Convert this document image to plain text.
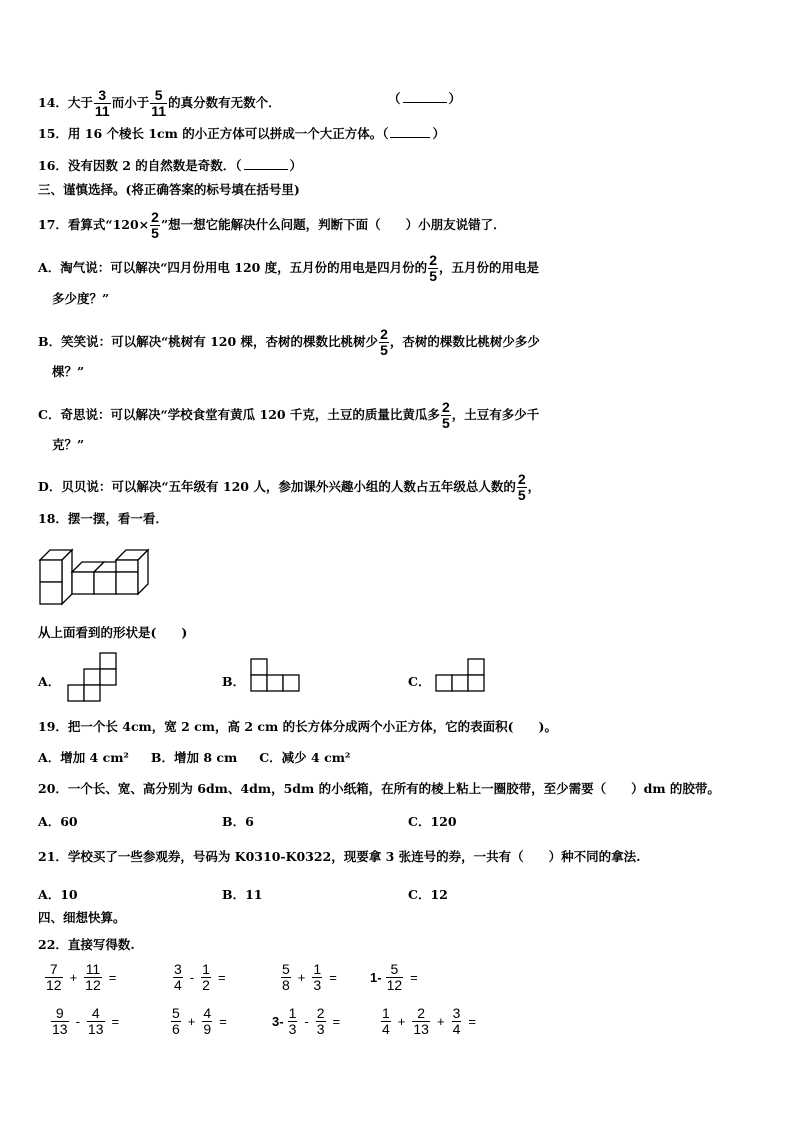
14．大于 $\frac{3}{11}$ 而小于 $\frac{5}{11}$ 的真分数有无数个．	（	）
15．用 16 个棱长 1cm 的小正方体可以拼成一个大正方体。（	）
16．没有因数 2 的自然数是奇数．（	）
三、谨慎选择。(将正确答案的标号填在括号里)
17．看算式“$120\times \frac{2}{5}$ ”想一想它能解决什么问题，判断下面（　　）小朋友说错了．
A．淘气说：可以解决“四月份用电 120 度，五月份的用电是四月份的 $\frac{2}{5}$ ，五月份的用电是
多少度？”
B．笑笑说：可以解决“桃树有 120 棵，杏树的棵数比桃树少 $\frac{2}{5}$ ，杏树的棵数比桃树少多少
棵？”
C．奇思说：可以解决“学校食堂有黄瓜 120 千克，土豆的质量比黄瓜多 $\frac{2}{5}$ ，土豆有多少千
克？”
D．贝贝说：可以解决“五年级有 120 人，参加课外兴趣小组的人数占五年级总人数的 $\frac{2}{5}$ ，
18．摆一摆，看一看．
从上面看到的形状是(　　)
A．	B．	C．
19．把一个长 4cm，宽 2 cm，高 2 cm 的长方体分成两个小正方体，它的表面积(　　)。
A．增加 4 cm² B．增加 8 cm C．减少 4 cm²
20．一个长、宽、高分别为 6dm、4dm，5dm 的小纸箱，在所有的棱上粘上一圈胶带，至少需要（　　）dm 的胶带。
A．60	B．6	C．120
21．学校买了一些参观券，号码为 K0310-K0322，现要拿 3 张连号的券，一共有（　　）种不同的拿法.
A．10	B．11	C．12
四、细想快算。
22．直接写得数.
$\frac{7}{12} + \frac{11}{12}$ =	$\frac{3}{4} - \frac{1}{2}$ =	$\frac{5}{8} + \frac{1}{3}$ =	$1- \frac{5}{12}$ =
$\frac{9}{13} - \frac{4}{13}$ =	$\frac{5}{6} + \frac{4}{9}$ =	$3- \frac{1}{3} - \frac{2}{3}$ =	$\frac{1}{4} + \frac{2}{13} + \frac{3}{4}$ =
